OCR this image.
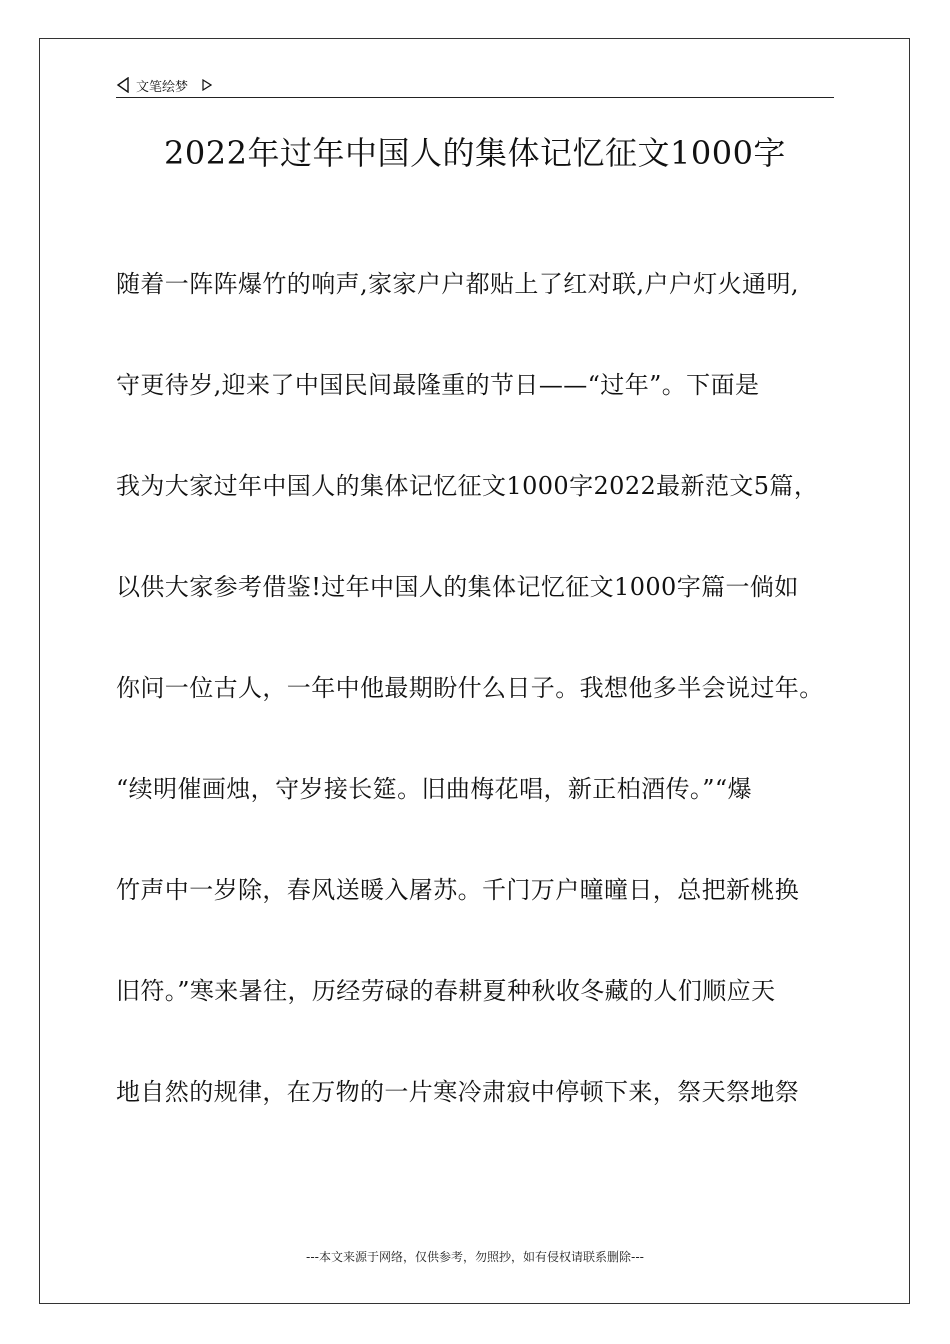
文笔绘梦
2022年过年中国人的集体记忆征文1000字
随着一阵阵爆竹的响声,家家户户都贴上了红对联,户户灯火通明,
守更待岁,迎来了中国民间最隆重的节日——“过年”。下面是
我为大家过年中国人的集体记忆征文1000字2022最新范文5篇，
以供大家参考借鉴!过年中国人的集体记忆征文1000字篇一倘如
你问一位古人，一年中他最期盼什么日子。我想他多半会说过年。
“续明催画烛，守岁接长筵。旧曲梅花唱，新正柏酒传。”“爆
竹声中一岁除，春风送暖入屠苏。千门万户曈曈日，总把新桃换
旧符。”寒来暑往，历经劳碌的春耕夏种秋收冬藏的人们顺应天
地自然的规律，在万物的一片寒冷肃寂中停顿下来，祭天祭地祭
---本文来源于网络，仅供参考，勿照抄，如有侵权请联系删除---
